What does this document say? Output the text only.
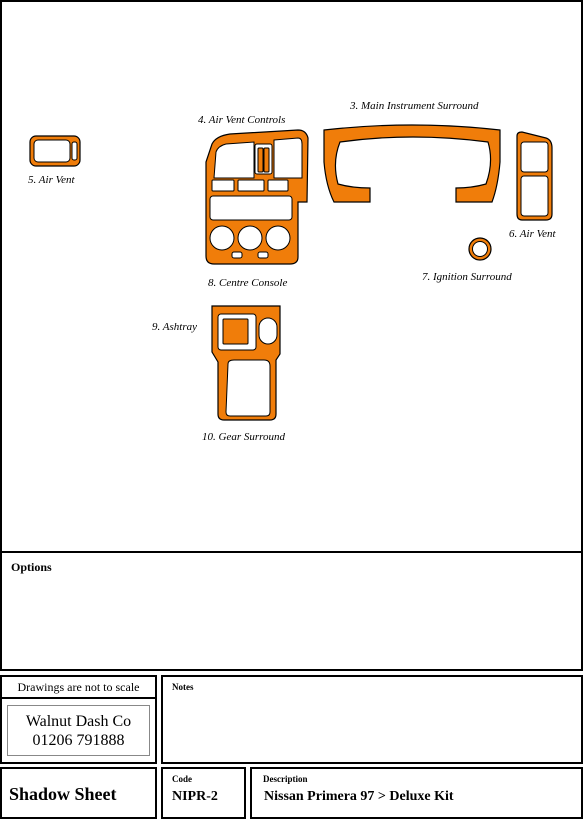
5. Air Vent
4. Air Vent Controls
8. Centre Console
3. Main Instrument Surround
6. Air Vent
7. Ignition Surround
9. Ashtray
10. Gear Surround
Options
Drawings are not to scale
Walnut Dash Co
01206 791888
Notes
Shadow Sheet
Code
NIPR-2
Description
Nissan Primera 97 > Deluxe Kit
